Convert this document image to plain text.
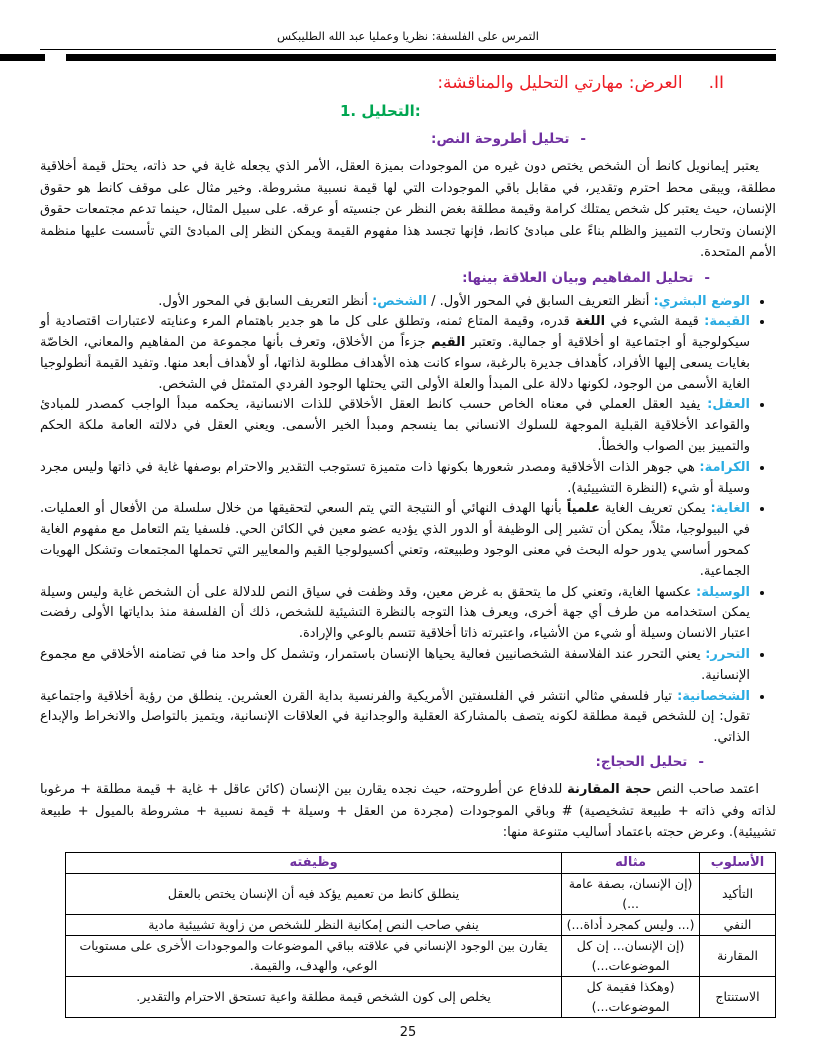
التمرس على الفلسفة: نظريا وعمليا عبد الله الطليبكس
II.العرض: مهارتي التحليل والمناقشة:
1. التحليل:
-تحليل أطروحة النص:

يعتبر إيمانويل كانط أن الشخص يختص دون غيره من الموجودات بميزة العقل، الأمر الذي يجعله غاية في حد ذاته، يحتل قيمة أخلاقية مطلقة، ويبقى محط احترم وتقدير، في مقابل باقي الموجودات التي لها قيمة نسبية مشروطة. وخير مثال على موقف كانط هو حقوق الإنسان، حيث يعتبر كل شخص يمتلك كرامة وقيمة مطلقة بغض النظر عن جنسيته أو عرقه. على سبيل المثال، حينما تدعم مجتمعات حقوق الإنسان وتحارب التمييز والظلم بناءً على مبادئ كانط، فإنها تجسد هذا مفهوم القيمة ويمكن النظر إلى المبادئ التي تأسست عليها منظمة الأمم المتحدة.

-تحليل المفاهيم وبيان العلاقة بينها:
• الوضع البشري: أنظر التعريف السابق في المحور الأول. / الشخص: أنظر التعريف السابق في المحور الأول.
• القيمة: قيمة الشيء في اللغة قدره، وقيمة المتاع ثمنه، وتطلق على كل ما هو جدير باهتمام المرء وعنايته لاعتبارات اقتصادية أو سيكولوجية أو اجتماعية او أخلاقية أو جمالية. وتعتبر القيم جزءاً من الأخلاق، وتعرف بأنها مجموعة من المفاهيم والمعاني، الخاصّة بغايات يسعى إليها الأفراد، كأهداف جديرة بالرغبة، سواء كانت هذه الأهداف مطلوبة لذاتها، أو لأهداف أبعد منها. وتفيد القيمة أنطولوجيا الغاية الأسمى من الوجود، لكونها دلالة على المبدأ والعلة الأولى التي يحتلها الوجود الفردي المتمثل في الشخص.
• العقل: يفيد العقل العملي في معناه الخاص حسب كانط العقل الأخلاقي للذات الانسانية، يحكمه مبدأ الواجب كمصدر للمبادئ والقواعد الأخلاقية القبلية الموجهة للسلوك الانساني بما ينسجم ومبدأ الخير الأسمى. ويعني العقل في دلالته العامة ملكة الحكم والتمييز بين الصواب والخطأ.
• الكرامة: هي جوهر الذات الأخلاقية ومصدر شعورها بكونها ذات متميزة تستوجب التقدير والاحترام بوصفها غاية في ذاتها وليس مجرد وسيلة أو شيء (النظرة التشييئية).
• الغاية: يمكن تعريف الغاية علمياً بأنها الهدف النهائي أو النتيجة التي يتم السعي لتحقيقها من خلال سلسلة من الأفعال أو العمليات. في البيولوجيا، مثلاً، يمكن أن تشير إلى الوظيفة أو الدور الذي يؤديه عضو معين في الكائن الحي. فلسفيا يتم التعامل مع مفهوم الغاية كمحور أساسي يدور حوله البحث في معنى الوجود وطبيعته، وتعني أكسيولوجيا القيم والمعايير التي تحملها المجتمعات وتشكل الهويات الجماعية.
• الوسيلة: عكسها الغاية، وتعني كل ما يتحقق به غرض معين، وقد وظفت في سياق النص للدلالة على أن الشخص غاية وليس وسيلة يمكن استخدامه من طرف أي جهة أخرى، ويعرف هذا التوجه بالنظرة التشيئية للشخص، ذلك أن الفلسفة منذ بداياتها الأولى رفضت اعتبار الانسان وسيلة أو شيء من الأشياء، واعتبرته ذاتا أخلاقية تتسم بالوعي والإرادة.
• التحرر: يعني التحرر عند الفلاسفة الشخصانيين فعالية يحياها الإنسان باستمرار، وتشمل كل واحد منا في تضامنه الأخلاقي مع مجموع الإنسانية.
• الشخصانية: تيار فلسفي مثالي انتشر في الفلسفتين الأمريكية والفرنسية بداية القرن العشرين. ينطلق من رؤية أخلاقية واجتماعية تقول: إن للشخص قيمة مطلقة لكونه يتصف بالمشاركة العقلية والوجدانية في العلاقات الإنسانية، ويتميز بالتواصل والانخراط والإبداع الذاتي.
-تحليل الحجاج:

اعتمد صاحب النص حجة المقارنة للدفاع عن أطروحته، حيث نجده يقارن بين الإنسان (كائن عاقل + غاية + قيمة مطلقة + مرغوبا لذاته وفي ذاته + طبيعة تشخيصية) # وباقي الموجودات (مجردة من العقل + وسيلة + قيمة نسبية + مشروطة بالميول + طبيعة تشييئية). وعرض حجته باعتماد أساليب متنوعة منها:

الأسلوب	مثاله	وظيفته
التأكيد	(إن الإنسان، بصفة عامة ...)	ينطلق كانط من تعميم يؤكد فيه أن الإنسان يختص بالعقل
النفي	(... وليس كمجرد أداة...)	ينفي صاحب النص إمكانية النظر للشخص من زاوية تشييئية مادية
المقارنة	(إن الإنسان... إن كل الموضوعات...)	يقارن بين الوجود الإنساني في علاقته بباقي الموضوعات والموجودات الأخرى على مستويات الوعي، والهدف، والقيمة.
الاستنتاج	(وهكذا فقيمة كل الموضوعات...)	يخلص إلى كون الشخص قيمة مطلقة واعية تستحق الاحترام والتقدير.
25
